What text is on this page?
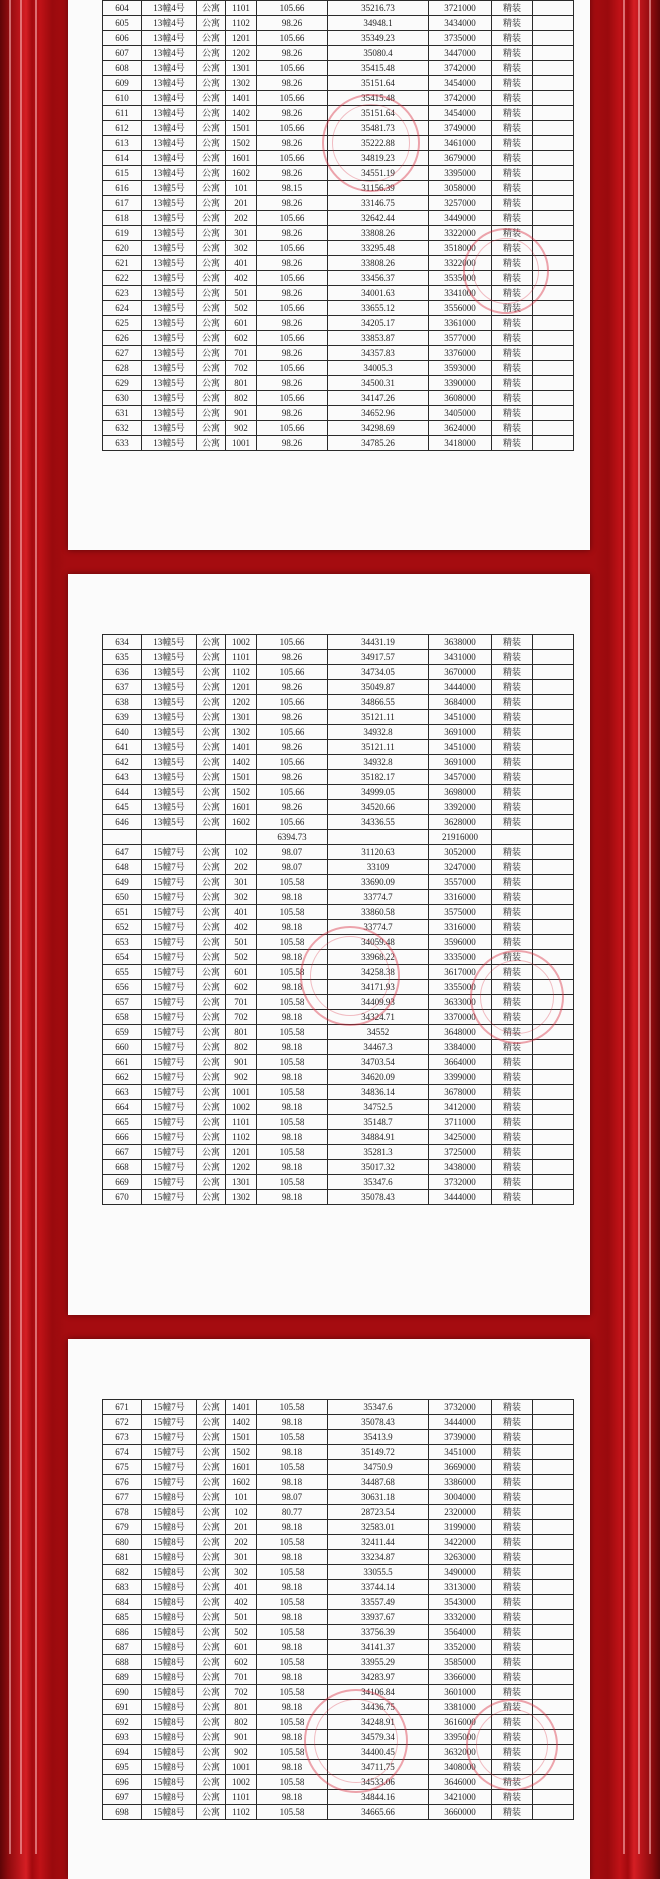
604	13幢4号	公寓	1101	105.66	35216.73	3721000	精装	
605	13幢4号	公寓	1102	98.26	34948.1	3434000	精装	
606	13幢4号	公寓	1201	105.66	35349.23	3735000	精装	
607	13幢4号	公寓	1202	98.26	35080.4	3447000	精装	
608	13幢4号	公寓	1301	105.66	35415.48	3742000	精装	
609	13幢4号	公寓	1302	98.26	35151.64	3454000	精装	
610	13幢4号	公寓	1401	105.66	35415.48	3742000	精装	
611	13幢4号	公寓	1402	98.26	35151.64	3454000	精装	
612	13幢4号	公寓	1501	105.66	35481.73	3749000	精装	
613	13幢4号	公寓	1502	98.26	35222.88	3461000	精装	
614	13幢4号	公寓	1601	105.66	34819.23	3679000	精装	
615	13幢4号	公寓	1602	98.26	34551.19	3395000	精装	
616	13幢5号	公寓	101	98.15	31156.39	3058000	精装	
617	13幢5号	公寓	201	98.26	33146.75	3257000	精装	
618	13幢5号	公寓	202	105.66	32642.44	3449000	精装	
619	13幢5号	公寓	301	98.26	33808.26	3322000	精装	
620	13幢5号	公寓	302	105.66	33295.48	3518000	精装	
621	13幢5号	公寓	401	98.26	33808.26	3322000	精装	
622	13幢5号	公寓	402	105.66	33456.37	3535000	精装	
623	13幢5号	公寓	501	98.26	34001.63	3341000	精装	
624	13幢5号	公寓	502	105.66	33655.12	3556000	精装	
625	13幢5号	公寓	601	98.26	34205.17	3361000	精装	
626	13幢5号	公寓	602	105.66	33853.87	3577000	精装	
627	13幢5号	公寓	701	98.26	34357.83	3376000	精装	
628	13幢5号	公寓	702	105.66	34005.3	3593000	精装	
629	13幢5号	公寓	801	98.26	34500.31	3390000	精装	
630	13幢5号	公寓	802	105.66	34147.26	3608000	精装	
631	13幢5号	公寓	901	98.26	34652.96	3405000	精装	
632	13幢5号	公寓	902	105.66	34298.69	3624000	精装	
633	13幢5号	公寓	1001	98.26	34785.26	3418000	精装	
634	13幢5号	公寓	1002	105.66	34431.19	3638000	精装	
635	13幢5号	公寓	1101	98.26	34917.57	3431000	精装	
636	13幢5号	公寓	1102	105.66	34734.05	3670000	精装	
637	13幢5号	公寓	1201	98.26	35049.87	3444000	精装	
638	13幢5号	公寓	1202	105.66	34866.55	3684000	精装	
639	13幢5号	公寓	1301	98.26	35121.11	3451000	精装	
640	13幢5号	公寓	1302	105.66	34932.8	3691000	精装	
641	13幢5号	公寓	1401	98.26	35121.11	3451000	精装	
642	13幢5号	公寓	1402	105.66	34932.8	3691000	精装	
643	13幢5号	公寓	1501	98.26	35182.17	3457000	精装	
644	13幢5号	公寓	1502	105.66	34999.05	3698000	精装	
645	13幢5号	公寓	1601	98.26	34520.66	3392000	精装	
646	13幢5号	公寓	1602	105.66	34336.55	3628000	精装	
				6394.73		21916000		
647	15幢7号	公寓	102	98.07	31120.63	3052000	精装	
648	15幢7号	公寓	202	98.07	33109	3247000	精装	
649	15幢7号	公寓	301	105.58	33690.09	3557000	精装	
650	15幢7号	公寓	302	98.18	33774.7	3316000	精装	
651	15幢7号	公寓	401	105.58	33860.58	3575000	精装	
652	15幢7号	公寓	402	98.18	33774.7	3316000	精装	
653	15幢7号	公寓	501	105.58	34059.48	3596000	精装	
654	15幢7号	公寓	502	98.18	33968.22	3335000	精装	
655	15幢7号	公寓	601	105.58	34258.38	3617000	精装	
656	15幢7号	公寓	602	98.18	34171.93	3355000	精装	
657	15幢7号	公寓	701	105.58	34409.93	3633000	精装	
658	15幢7号	公寓	702	98.18	34324.71	3370000	精装	
659	15幢7号	公寓	801	105.58	34552	3648000	精装	
660	15幢7号	公寓	802	98.18	34467.3	3384000	精装	
661	15幢7号	公寓	901	105.58	34703.54	3664000	精装	
662	15幢7号	公寓	902	98.18	34620.09	3399000	精装	
663	15幢7号	公寓	1001	105.58	34836.14	3678000	精装	
664	15幢7号	公寓	1002	98.18	34752.5	3412000	精装	
665	15幢7号	公寓	1101	105.58	35148.7	3711000	精装	
666	15幢7号	公寓	1102	98.18	34884.91	3425000	精装	
667	15幢7号	公寓	1201	105.58	35281.3	3725000	精装	
668	15幢7号	公寓	1202	98.18	35017.32	3438000	精装	
669	15幢7号	公寓	1301	105.58	35347.6	3732000	精装	
670	15幢7号	公寓	1302	98.18	35078.43	3444000	精装	
671	15幢7号	公寓	1401	105.58	35347.6	3732000	精装	
672	15幢7号	公寓	1402	98.18	35078.43	3444000	精装	
673	15幢7号	公寓	1501	105.58	35413.9	3739000	精装	
674	15幢7号	公寓	1502	98.18	35149.72	3451000	精装	
675	15幢7号	公寓	1601	105.58	34750.9	3669000	精装	
676	15幢7号	公寓	1602	98.18	34487.68	3386000	精装	
677	15幢8号	公寓	101	98.07	30631.18	3004000	精装	
678	15幢8号	公寓	102	80.77	28723.54	2320000	精装	
679	15幢8号	公寓	201	98.18	32583.01	3199000	精装	
680	15幢8号	公寓	202	105.58	32411.44	3422000	精装	
681	15幢8号	公寓	301	98.18	33234.87	3263000	精装	
682	15幢8号	公寓	302	105.58	33055.5	3490000	精装	
683	15幢8号	公寓	401	98.18	33744.14	3313000	精装	
684	15幢8号	公寓	402	105.58	33557.49	3543000	精装	
685	15幢8号	公寓	501	98.18	33937.67	3332000	精装	
686	15幢8号	公寓	502	105.58	33756.39	3564000	精装	
687	15幢8号	公寓	601	98.18	34141.37	3352000	精装	
688	15幢8号	公寓	602	105.58	33955.29	3585000	精装	
689	15幢8号	公寓	701	98.18	34283.97	3366000	精装	
690	15幢8号	公寓	702	105.58	34106.84	3601000	精装	
691	15幢8号	公寓	801	98.18	34436.75	3381000	精装	
692	15幢8号	公寓	802	105.58	34248.91	3616000	精装	
693	15幢8号	公寓	901	98.18	34579.34	3395000	精装	
694	15幢8号	公寓	902	105.58	34400.45	3632000	精装	
695	15幢8号	公寓	1001	98.18	34711.75	3408000	精装	
696	15幢8号	公寓	1002	105.58	34533.06	3646000	精装	
697	15幢8号	公寓	1101	98.18	34844.16	3421000	精装	
698	15幢8号	公寓	1102	105.58	34665.66	3660000	精装	
